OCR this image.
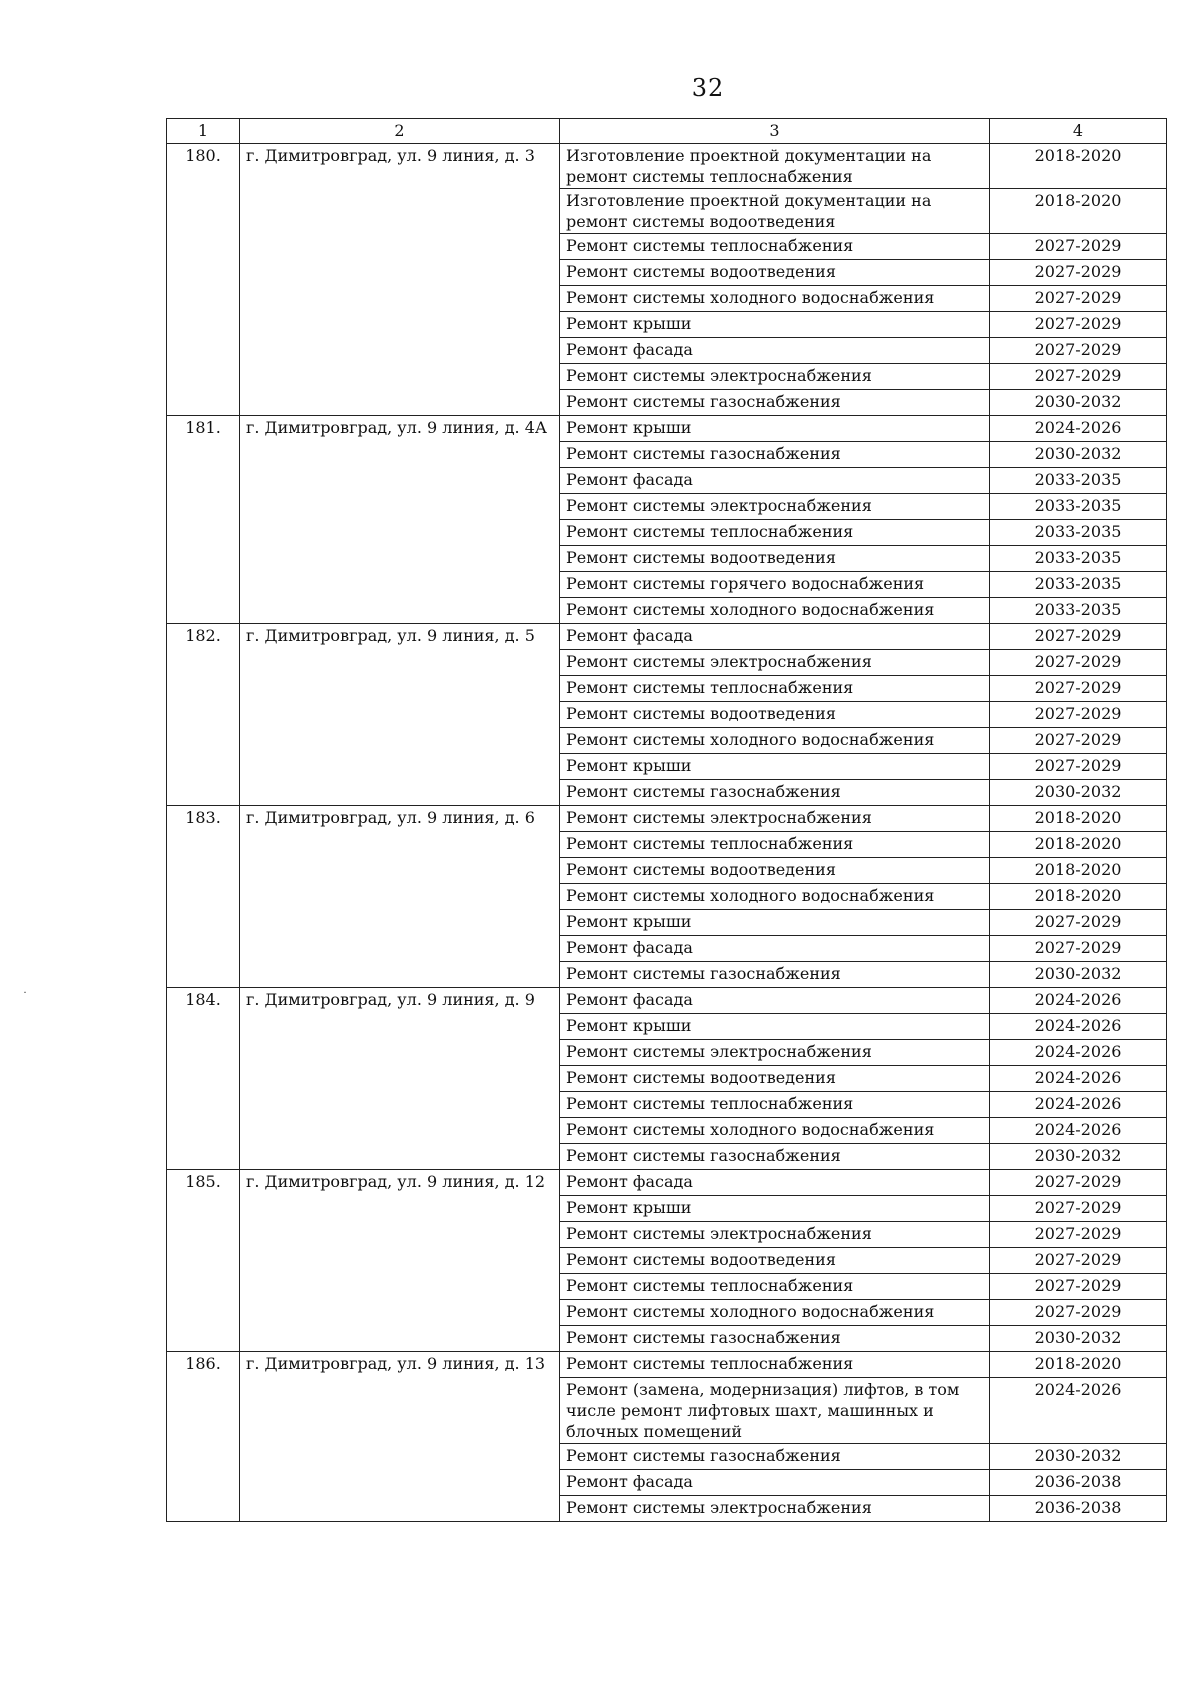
32
1	2	3	4
180.	г. Димитровград, ул. 9 линия, д. 3	Изготовление проектной документации на ремонт системы теплоснабжения	2018-2020
		Изготовление проектной документации на ремонт системы водоотведения	2018-2020
		Ремонт системы теплоснабжения	2027-2029
		Ремонт системы водоотведения	2027-2029
		Ремонт системы холодного водоснабжения	2027-2029
		Ремонт крыши	2027-2029
		Ремонт фасада	2027-2029
		Ремонт системы электроснабжения	2027-2029
		Ремонт системы газоснабжения	2030-2032
181.	г. Димитровград, ул. 9 линия, д. 4А	Ремонт крыши	2024-2026
		Ремонт системы газоснабжения	2030-2032
		Ремонт фасада	2033-2035
		Ремонт системы электроснабжения	2033-2035
		Ремонт системы теплоснабжения	2033-2035
		Ремонт системы водоотведения	2033-2035
		Ремонт системы горячего водоснабжения	2033-2035
		Ремонт системы холодного водоснабжения	2033-2035
182.	г. Димитровград, ул. 9 линия, д. 5	Ремонт фасада	2027-2029
		Ремонт системы электроснабжения	2027-2029
		Ремонт системы теплоснабжения	2027-2029
		Ремонт системы водоотведения	2027-2029
		Ремонт системы холодного водоснабжения	2027-2029
		Ремонт крыши	2027-2029
		Ремонт системы газоснабжения	2030-2032
183.	г. Димитровград, ул. 9 линия, д. 6	Ремонт системы электроснабжения	2018-2020
		Ремонт системы теплоснабжения	2018-2020
		Ремонт системы водоотведения	2018-2020
		Ремонт системы холодного водоснабжения	2018-2020
		Ремонт крыши	2027-2029
		Ремонт фасада	2027-2029
		Ремонт системы газоснабжения	2030-2032
184.	г. Димитровград, ул. 9 линия, д. 9	Ремонт фасада	2024-2026
		Ремонт крыши	2024-2026
		Ремонт системы электроснабжения	2024-2026
		Ремонт системы водоотведения	2024-2026
		Ремонт системы теплоснабжения	2024-2026
		Ремонт системы холодного водоснабжения	2024-2026
		Ремонт системы газоснабжения	2030-2032
185.	г. Димитровград, ул. 9 линия, д. 12	Ремонт фасада	2027-2029
		Ремонт крыши	2027-2029
		Ремонт системы электроснабжения	2027-2029
		Ремонт системы водоотведения	2027-2029
		Ремонт системы теплоснабжения	2027-2029
		Ремонт системы холодного водоснабжения	2027-2029
		Ремонт системы газоснабжения	2030-2032
186.	г. Димитровград, ул. 9 линия, д. 13	Ремонт системы теплоснабжения	2018-2020
		Ремонт (замена, модернизация) лифтов, в том числе ремонт лифтовых шахт, машинных и блочных помещений	2024-2026
		Ремонт системы газоснабжения	2030-2032
		Ремонт фасада	2036-2038
		Ремонт системы электроснабжения	2036-2038
˙
